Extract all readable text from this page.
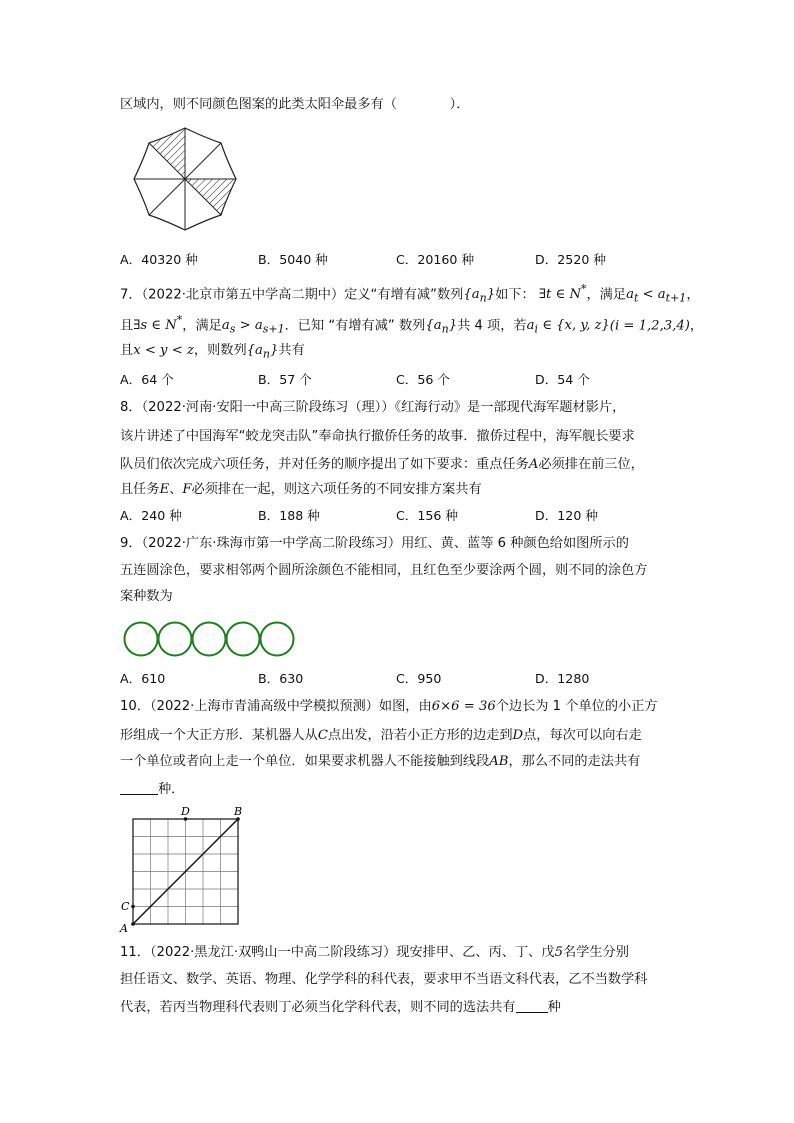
区域内，则不同颜色图案的此类太阳伞最多有（　　　　）．
A．40320 种	B．5040 种	C．20160 种	D．2520 种
7．（2022·北京市第五中学高二期中）定义“有增有减”数列$\{a_n\}$如下： ∃t ∈ N*，满足$a_t < a_{t+1}$，
且∃s ∈ N*，满足$a_s > a_{s+1}$．已知 “有增有减” 数列$\{a_n\}$共 4 项，若$a_i$ ∈ {x, y, z}(i = 1,2,3,4)，
且x < y < z，则数列$\{a_n\}$共有
A．64 个	B．57 个	C．56 个	D．54 个
8．（2022·河南·安阳一中高三阶段练习（理））《红海行动》是一部现代海军题材影片，
该片讲述了中国海军“蛟龙突击队”奉命执行撤侨任务的故事．撤侨过程中，海军舰长要求
队员们依次完成六项任务，并对任务的顺序提出了如下要求：重点任务A必须排在前三位，
且任务E、F必须排在一起，则这六项任务的不同安排方案共有
A．240 种	B．188 种	C．156 种	D．120 种
9．（2022·广东·珠海市第一中学高二阶段练习）用红、黄、蓝等 6 种颜色给如图所示的
五连圆涂色，要求相邻两个圆所涂颜色不能相同，且红色至少要涂两个圆，则不同的涂色方
案种数为
A．610	B．630	C．950	D．1280
10．（2022·上海市青浦高级中学模拟预测）如图，由6×6 = 36个边长为 1 个单位的小正方
形组成一个大正方形．某机器人从C点出发，沿若小正方形的边走到D点，每次可以向右走
一个单位或者向上走一个单位．如果要求机器人不能接触到线段AB，那么不同的走法共有
种．
D	B
C
A
11．（2022·黑龙江·双鸭山一中高二阶段练习）现安排甲、乙、丙、丁、戊5名学生分别
担任语文、数学、英语、物理、化学学科的科代表，要求甲不当语文科代表，乙不当数学科
代表，若丙当物理科代表则丁必须当化学科代表，则不同的选法共有 种
